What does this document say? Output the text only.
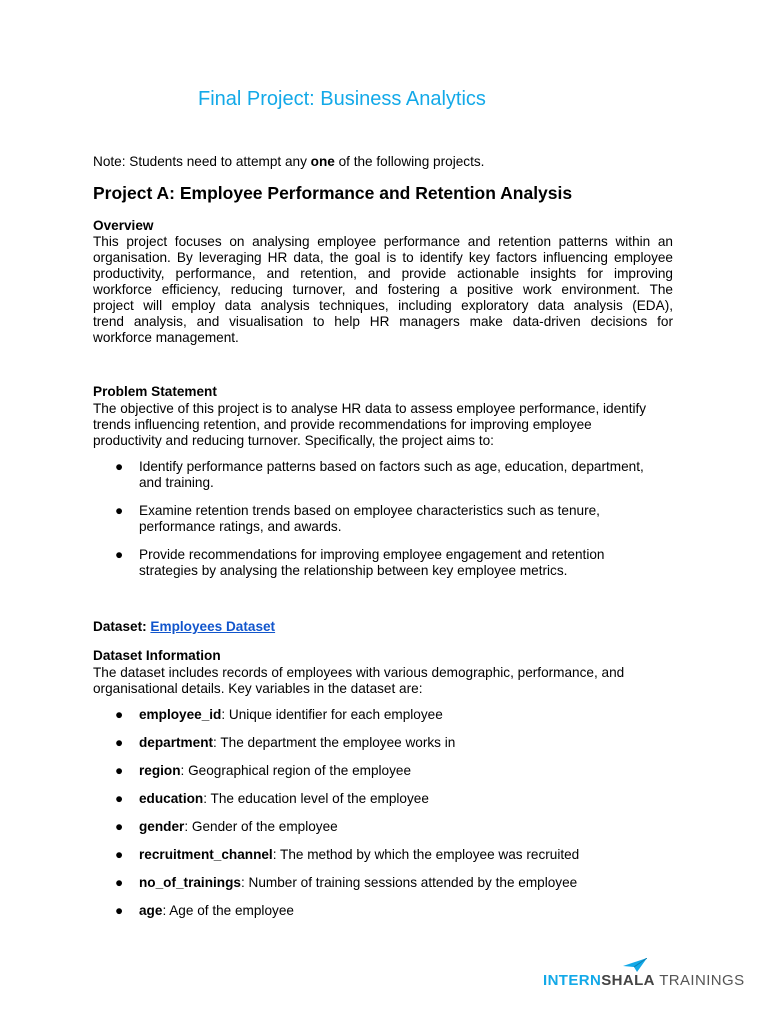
Final Project: Business Analytics
Note: Students need to attempt any one of the following projects.
Project A: Employee Performance and Retention Analysis
Overview
This project focuses on analysing employee performance and retention patterns within an
organisation. By leveraging HR data, the goal is to identify key factors influencing employee
productivity, performance, and retention, and provide actionable insights for improving
workforce efficiency, reducing turnover, and fostering a positive work environment. The
project will employ data analysis techniques, including exploratory data analysis (EDA),
trend analysis, and visualisation to help HR managers make data-driven decisions for
workforce management.
Problem Statement
The objective of this project is to analyse HR data to assess employee performance, identify
trends influencing retention, and provide recommendations for improving employee
productivity and reducing turnover. Specifically, the project aims to:
● Identify performance patterns based on factors such as age, education, department,
and training.
● Examine retention trends based on employee characteristics such as tenure,
performance ratings, and awards.
● Provide recommendations for improving employee engagement and retention
strategies by analysing the relationship between key employee metrics.
Dataset: Employees Dataset
Dataset Information
The dataset includes records of employees with various demographic, performance, and
organisational details. Key variables in the dataset are:
● employee_id: Unique identifier for each employee
● department: The department the employee works in
● region: Geographical region of the employee
● education: The education level of the employee
● gender: Gender of the employee
● recruitment_channel: The method by which the employee was recruited
● no_of_trainings: Number of training sessions attended by the employee
● age: Age of the employee
INTERNSHALA TRAININGS
